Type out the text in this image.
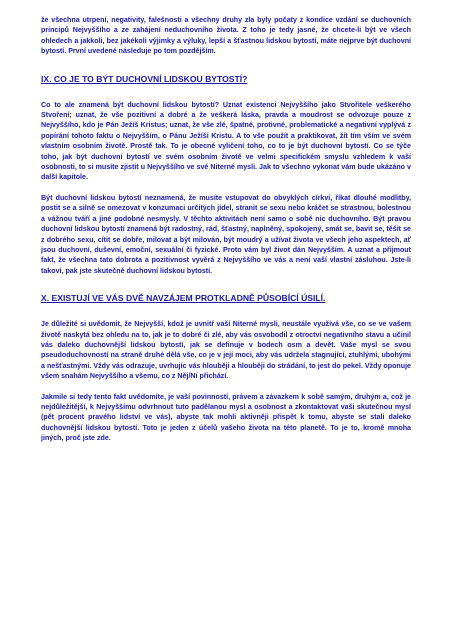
že všechna utrpení, negativity, falešnosti a všechny druhy zla byly počaty z kondice vzdání se duchovních principů Nejvyššího a ze zahájení neduchovního života. Z toho je tedy jasné, že chcete-li být ve všech ohledech a jakkoli, bez jakékoli výjimky a výluky, lepší a šťastnou lidskou bytostí, máte nejprve být duchovní bytostí. První uvedené následuje po tom pozdějším.

IX. CO JE TO BÝT DUCHOVNÍ LIDSKOU BYTOSTÍ?

Co to ale znamená být duchovní lidskou bytostí? Uznat existenci Nejvyššího jako Stvořitele veškerého Stvoření; uznat, že vše pozitivní a dobré a že veškerá láska, pravda a moudrost se odvozuje pouze z Nejvyššího, kdo je Pán Ježíš Kristus; uznat, že vše zlé, špatné, protivné, problematické a negativní vyplývá z popírání tohoto faktu o Nejvyšším, o Pánu Ježíši Kristu. A to vše použít a praktikovat, žít tím vším ve svém vlastním osobním životě. Prostě tak. To je obecné vyličení toho, co to je být duchovní bytostí. Co se týče toho, jak být duchovní bytostí ve svém osobním životě ve velmi specifickém smyslu vzhledem k vaší osobnosti, to si musíte zjistit u Nejvyššího ve své Niterné mysli. Jak to všechno vykonat vám bude ukázáno v další kapitole.

Být duchovní lidskou bytostí neznamená, že musíte vstupovat do obvyklých církví, říkat dlouhé modlitby, postit se a silně se omezovat v konzumaci určitých jídel, stranit se sexu nebo kráčet se strastnou, bolestnou a vážnou tváří a jiné podobné nesmysly. V těchto aktivitách není samo o sobě nic duchovního. Být pravou duchovní lidskou bytostí znamená být radostný, rád, šťastný, naplněný, spokojený, smát se, bavit se, těšit se z dobrého sexu, cítit se dobře, milovat a být milován, být moudrý a užívat života ve všech jeho aspektech, ať jsou duchovní, duševní, emoční, sexuální či fyzické. Proto vám byl život dán Nejvyšším. A uznat a přijmout fakt, že všechna tato dobrota a pozitivnost vyvěrá z Nejvyššího ve vás a není vaší vlastní zásluhou. Jste-li takoví, pak jste skutečně duchovní lidskou bytostí.

X. EXISTUJÍ VE VÁS DVĚ NAVZÁJEM PROTKLADNĚ PŮSOBÍCÍ ÚSILÍ.

Je důležité si uvědomit, že Nejvyšší, kdož je uvnitř vaší Niterné mysli, neustále využívá vše, co se ve vašem životě naskytá bez ohledu na to, jak je to dobré či zlé, aby vás osvobodil z otroctví negativního stavu a učinil vás daleko duchovnější lidskou bytostí, jak se definuje v bodech osm a devět. Vaše mysl se svou pseudoduchovností na straně druhé dělá vše, co je v její moci, aby vás udržela stagnující, ztuhlými, ubohými a nešťastnými. Vždy vás odrazuje, uvrhujíc vás hlouběji a hlouběji do strádání, to jest do pekel. Vždy oponuje všem snahám Nejvyššího a všemu, co z Něj/Ní přichází.

Jakmile si tedy tento fakt uvědomíte, je vaší povinností, právem a závazkem k sobě samým, druhým a, což je nejdůležitější, k Nejvyššímu odvrhnout tuto padělanou mysl a osobnost a zkontaktovat vaši skutečnou mysl (pět procent pravého lidství ve vás), abyste tak mohli aktivněji přispět k tomu, abyste se stali daleko duchovnější lidskou bytostí. Toto je jeden z účelů vašeho života na této planetě. To je to, kromě mnoha jiných, proč jste zde.
